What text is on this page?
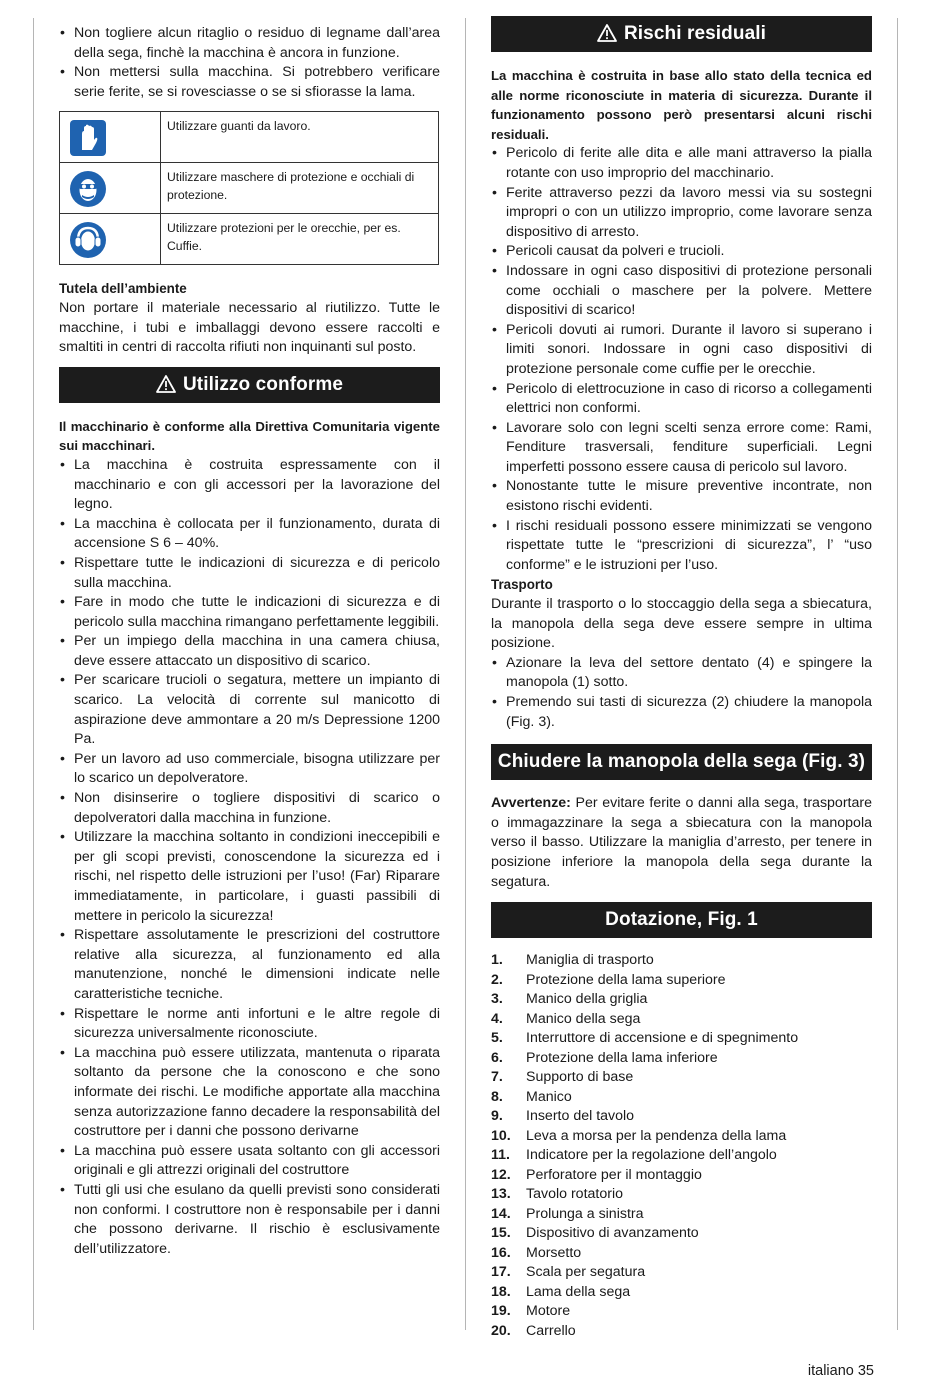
• Non togliere alcun ritaglio o residuo di legname dall’area della sega, finchè la macchina è ancora in funzione.
• Non mettersi sulla macchina. Si potrebbero verificare serie ferite, se si rovesciasse o se si sfiorasse la lama.
	Utilizzare guanti da lavoro.

	Utilizzare maschere di protezione e occhiali di protezione.

	Utilizzare protezioni per le orecchie, per es. Cuffie.
Tutela dell’ambiente
Non portare il materiale necessario al riutilizzo. Tutte le macchine, i tubi e imballaggi devono essere raccolti e smaltiti in centri di raccolta rifiuti non inquinanti sul posto.
Utilizzo conforme
Il macchinario è conforme alla Direttiva Comunitaria vigente sui macchinari.
• La macchina è costruita espressamente con il macchinario e con gli accessori per la lavorazione del legno.
• La macchina è collocata per il funzionamento, durata di accensione S 6 – 40%.
• Rispettare tutte le indicazioni di sicurezza e di pericolo sulla macchina.
• Fare in modo che tutte le indicazioni di sicurezza e di pericolo sulla macchina rimangano perfettamente leggibili.
• Per un impiego della macchina in una camera chiusa, deve essere attaccato un dispositivo di scarico.
• Per scaricare trucioli o segatura, mettere un impianto di scarico. La velocità di corrente sul manicotto di aspirazione deve ammontare a 20 m/s Depressione 1200 Pa.
• Per un lavoro ad uso commerciale, bisogna utilizzare per lo scarico un depolveratore.
• Non disinserire o togliere dispositivi di scarico o depolveratori dalla macchina in funzione.
• Utilizzare la macchina soltanto in condizioni ineccepibili e per gli scopi previsti, conoscendone la sicurezza ed i rischi, nel rispetto delle istruzioni per l’uso! (Far) Riparare immediatamente, in particolare, i guasti passibili di mettere in pericolo la sicurezza!
• Rispettare assolutamente le prescrizioni del costruttore relative alla sicurezza, al funzionamento ed alla manutenzione, nonché le dimensioni indicate nelle caratteristiche tecniche.
• Rispettare le norme anti infortuni e le altre regole di sicurezza universalmente riconosciute.
• La macchina può essere utilizzata, mantenuta o riparata soltanto da persone che la conoscono e che sono informate dei rischi. Le modifiche apportate alla macchina senza autorizzazione fanno decadere la responsabilità del costruttore per i danni che possono derivarne
• La macchina può essere usata soltanto con gli accessori originali e gli attrezzi originali del costruttore
• Tutti gli usi che esulano da quelli previsti sono considerati non conformi. I costruttore non è responsabile per i danni che possono derivarne. Il rischio è esclusivamente dell’utilizzatore.
Rischi residuali
La macchina è costruita in base allo stato della tecnica ed alle norme riconosciute in materia di sicurezza. Durante il funzionamento possono però presentarsi alcuni rischi residuali.
• Pericolo di ferite alle dita e alle mani attraverso la pialla rotante con uso improprio del macchinario.
• Ferite attraverso pezzi da lavoro messi via su sostegni impropri o con un utilizzo improprio, come lavorare senza dispositivo di arresto.
• Pericoli causat da polveri e trucioli.
• Indossare in ogni caso dispositivi di protezione personali come occhiali o maschere per la polvere. Mettere dispositivi di scarico!
• Pericoli dovuti ai rumori. Durante il lavoro si superano i limiti sonori. Indossare in ogni caso dispositivi di protezione personale come cuffie per le orecchie.
• Pericolo di elettrocuzione in caso di ricorso a collegamenti elettrici non conformi.
• Lavorare solo con legni scelti senza errore come: Rami, Fenditure trasversali, fenditure superficiali. Legni imperfetti possono essere causa di pericolo sul lavoro.
• Nonostante tutte le misure preventive incontrate, non esistono rischi evidenti.
• I rischi residuali possono essere minimizzati se vengono rispettate tutte le “prescrizioni di sicurezza”, l’ “uso conforme” e le istruzioni per l’uso.
Trasporto
Durante il trasporto o lo stoccaggio della sega a sbiecatura, la manopola della sega deve essere sempre in ultima posizione.
• Azionare la leva del settore dentato (4) e spingere la manopola (1) sotto.
• Premendo sui tasti di sicurezza (2) chiudere la manopola (Fig. 3).
Chiudere la manopola della sega (Fig. 3)
Avvertenze: Per evitare ferite o danni alla sega, trasportare o immagazzinare la sega a sbiecatura con la manopola verso il basso. Utilizzare la maniglia d’arresto, per tenere in posizione inferiore la manopola della sega durante la segatura.
Dotazione, Fig. 1
1.	Maniglia di trasporto
2.	Protezione della lama superiore
3.	Manico della griglia
4.	Manico della sega
5.	Interruttore di accensione e di spegnimento
6.	Protezione della lama inferiore
7.	Supporto di base
8.	Manico
9.	Inserto del tavolo
10.	Leva a morsa per la pendenza della lama
11.	Indicatore per la regolazione dell’angolo
12.	Perforatore per il montaggio
13.	Tavolo rotatorio
14.	Prolunga a sinistra
15.	Dispositivo di avanzamento
16.	Morsetto
17.	Scala per segatura
18.	Lama della sega
19.	Motore
20.	Carrello
italiano 35
